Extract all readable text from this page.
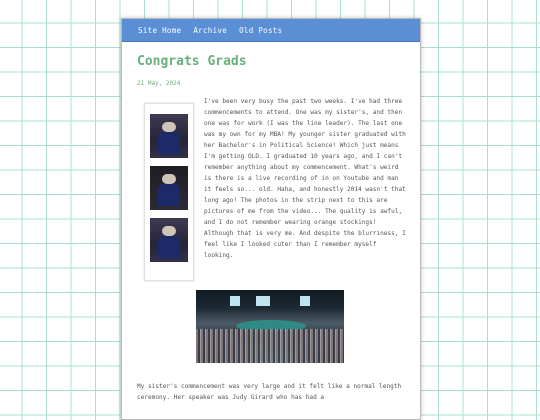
Site Home Archive Old Posts
Congrats Grads
21 May, 2024
I've been very busy the past two weeks. I've had three commencements to attend. One was my sister's, and then one was for work (I was the line leader). The last one was my own for my MBA! My younger sister graduated with her Bachelor's in Political Science! Which just means I'm getting OLD. I graduated 10 years ago, and I can't remember anything about my commencement. What's weird is there is a live recording of in on Youtube and man it feels so... old. Haha, and honestly 2014 wasn't that long ago! The photos in the strip next to this are pictures of me from the video... The quality is awful, and I do not remember wearing orange stockings! Although that is very me. And despite the blurriness, I feel like I looked cuter than I remember myself looking.
My sister's commencement was very large and it felt like a normal length ceremony. Her speaker was Judy Girard who has had a
